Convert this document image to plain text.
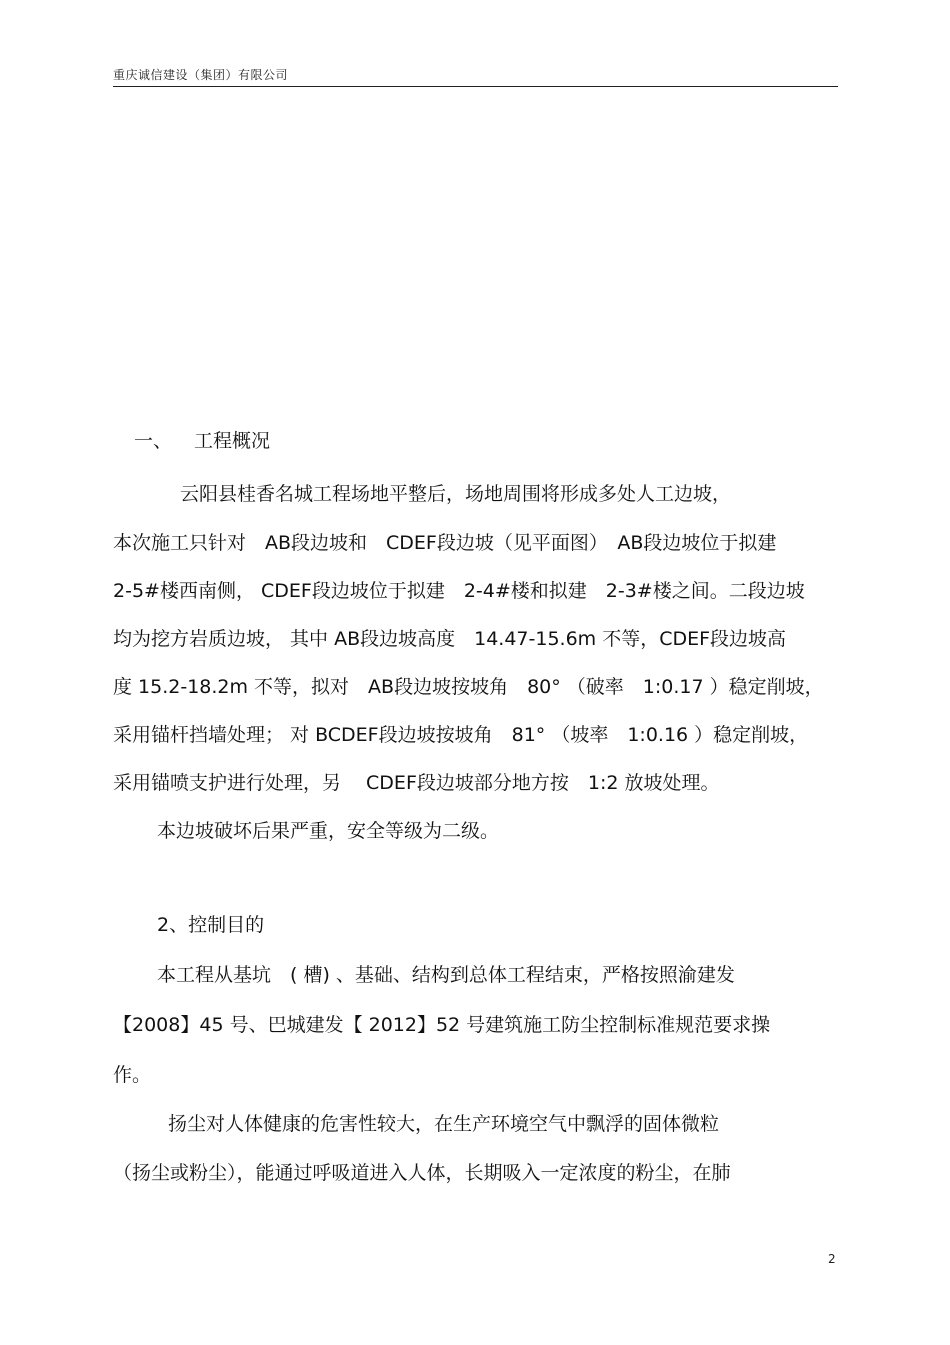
重庆诚信建设（集团）有限公司
一、 工程概况
云阳县桂香名城工程场地平整后，场地周围将形成多处人工边坡，
本次施工只针对　AB段边坡和　CDEF段边坡（见平面图）　AB段边坡位于拟建
2-5#楼西南侧， CDEF段边坡位于拟建　2-4#楼和拟建　2-3#楼之间。二段边坡
均为挖方岩质边坡， 其中 AB段边坡高度　14.47-15.6m 不等，CDEF段边坡高
度 15.2-18.2m 不等，拟对　AB段边坡按坡角　80° （破率　1:0.17 ）稳定削坡，
采用锚杆挡墙处理； 对 BCDEF段边坡按坡角　81° （坡率　1:0.16 ）稳定削坡，
采用锚喷支护进行处理，另　 CDEF段边坡部分地方按　1:2 放坡处理。
本边坡破坏后果严重，安全等级为二级。
2、控制目的
本工程从基坑　( 槽) 、基础、结构到总体工程结束，严格按照渝建发
【2008】45 号、巴城建发【 2012】52 号建筑施工防尘控制标准规范要求操
作。
扬尘对人体健康的危害性较大，在生产环境空气中飘浮的固体微粒
（扬尘或粉尘），能通过呼吸道进入人体，长期吸入一定浓度的粉尘，在肺
2
